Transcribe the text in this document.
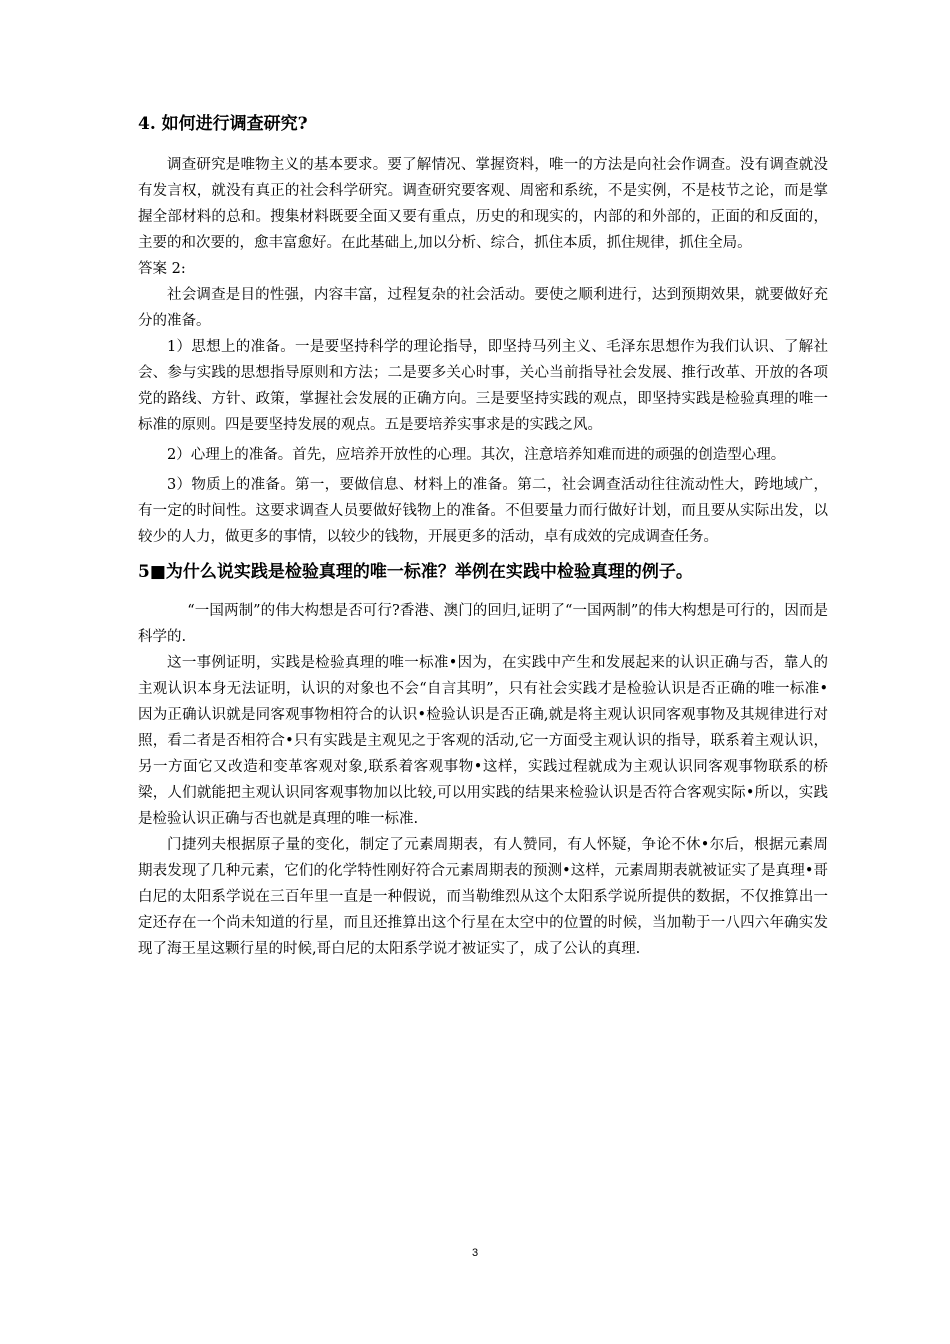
4. 如何进行调查研究?

调查研究是唯物主义的基本要求。要了解情况、掌握资料，唯一的方法是向社会作调查。没有调查就没有发言权，就没有真正的社会科学研究。调查研究要客观、周密和系统，不是实例，不是枝节之论，而是掌握全部材料的总和。搜集材料既要全面又要有重点，历史的和现实的，内部的和外部的，正面的和反面的，主要的和次要的，愈丰富愈好。在此基础上,加以分析、综合，抓住本质，抓住规律，抓住全局。

答案 2:

社会调查是目的性强，内容丰富，过程复杂的社会活动。要使之顺利进行，达到预期效果，就要做好充分的准备。

1）思想上的准备。一是要坚持科学的理论指导，即坚持马列主义、毛泽东思想作为我们认识、了解社会、参与实践的思想指导原则和方法；二是要多关心时事，关心当前指导社会发展、推行改革、开放的各项党的路线、方针、政策，掌握社会发展的正确方向。三是要坚持实践的观点，即坚持实践是检验真理的唯一标准的原则。四是要坚持发展的观点。五是要培养实事求是的实践之风。

2）心理上的准备。首先，应培养开放性的心理。其次，注意培养知难而进的顽强的创造型心理。

3）物质上的准备。第一，要做信息、材料上的准备。第二，社会调查活动往往流动性大，跨地域广，有一定的时间性。这要求调查人员要做好钱物上的准备。不但要量力而行做好计划，而且要从实际出发，以较少的人力，做更多的事情，以较少的钱物，开展更多的活动，卓有成效的完成调查任务。

5■为什么说实践是检验真理的唯一标准？举例在实践中检验真理的例子。

“一国两制”的伟大构想是否可行?香港、澳门的回归,证明了“一国两制”的伟大构想是可行的，因而是科学的.

这一事例证明，实践是检验真理的唯一标准•因为，在实践中产生和发展起来的认识正确与否，靠人的主观认识本身无法证明，认识的对象也不会“自言其明”，只有社会实践才是检验认识是否正确的唯一标准•因为正确认识就是同客观事物相符合的认识•检验认识是否正确,就是将主观认识同客观事物及其规律进行对照，看二者是否相符合•只有实践是主观见之于客观的活动,它一方面受主观认识的指导，联系着主观认识，另一方面它又改造和变革客观对象,联系着客观事物•这样，实践过程就成为主观认识同客观事物联系的桥梁，人们就能把主观认识同客观事物加以比较,可以用实践的结果来检验认识是否符合客观实际•所以，实践是检验认识正确与否也就是真理的唯一标准.

门捷列夫根据原子量的变化，制定了元素周期表，有人赞同，有人怀疑，争论不休•尔后，根据元素周期表发现了几种元素，它们的化学特性刚好符合元素周期表的预测•这样，元素周期表就被证实了是真理•哥白尼的太阳系学说在三百年里一直是一种假说，而当勒维烈从这个太阳系学说所提供的数据，不仅推算出一定还存在一个尚未知道的行星，而且还推算出这个行星在太空中的位置的时候，当加勒于一八四六年确实发现了海王星这颗行星的时候,哥白尼的太阳系学说才被证实了，成了公认的真理.

3
